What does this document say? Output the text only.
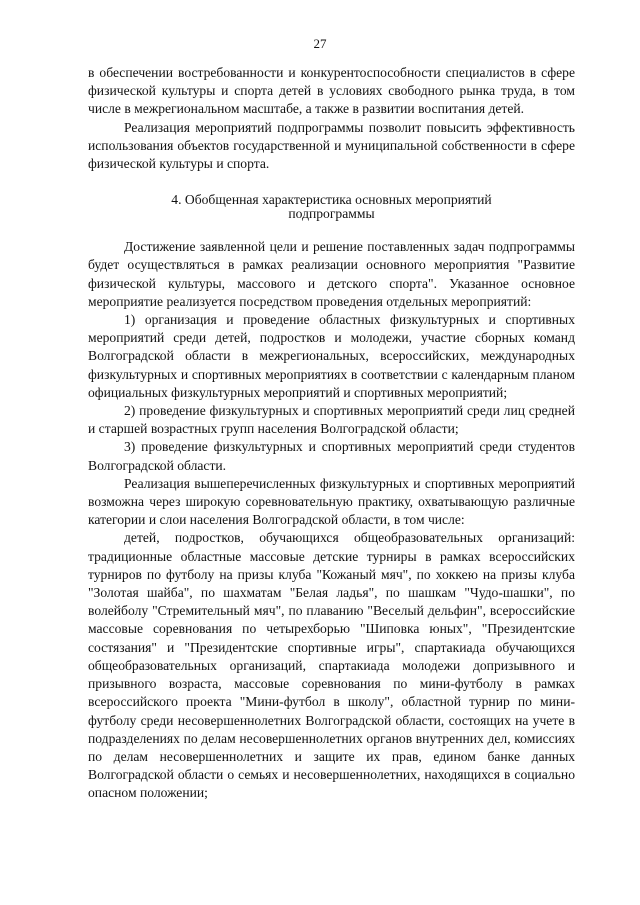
27

в обеспечении востребованности и конкурентоспособности специалистов в сфере физической культуры и спорта детей в условиях свободного рынка труда, в том числе в межрегиональном масштабе, а также в развитии воспитания детей.

Реализация мероприятий подпрограммы позволит повысить эффективность использования объектов государственной и муниципальной собственности в сфере физической культуры и спорта.

4. Обобщенная характеристика основных мероприятий
подпрограммы

Достижение заявленной цели и решение поставленных задач подпрограммы будет осуществляться в рамках реализации основного мероприятия "Развитие физической культуры, массового и детского спорта". Указанное основное мероприятие реализуется посредством проведения отдельных мероприятий:

1) организация и проведение областных физкультурных и спортивных мероприятий среди детей, подростков и молодежи, участие сборных команд Волгоградской области в межрегиональных, всероссийских, международных физкультурных и спортивных мероприятиях в соответствии с календарным планом официальных физкультурных мероприятий и спортивных мероприятий;

2) проведение физкультурных и спортивных мероприятий среди лиц средней и старшей возрастных групп населения Волгоградской области;

3) проведение физкультурных и спортивных мероприятий среди студентов Волгоградской области.

Реализация вышеперечисленных физкультурных и спортивных мероприятий возможна через широкую соревновательную практику, охватывающую различные категории и слои населения Волгоградской области, в том числе:

детей, подростков, обучающихся общеобразовательных организаций: традиционные областные массовые детские турниры в рамках всероссийских турниров по футболу на призы клуба "Кожаный мяч", по хоккею на призы клуба "Золотая шайба", по шахматам "Белая ладья", по шашкам "Чудо-шашки", по волейболу "Стремительный мяч", по плаванию "Веселый дельфин", всероссийские массовые соревнования по четырехборью "Шиповка юных", "Президентские состязания" и "Президентские спортивные игры", спартакиада обучающихся общеобразовательных организаций, спартакиада молодежи допризывного и призывного возраста, массовые соревнования по мини-футболу в рамках всероссийского проекта "Мини-футбол в школу", областной турнир по мини-футболу среди несовершеннолетних Волгоградской области, состоящих на учете в подразделениях по делам несовершеннолетних органов внутренних дел, комиссиях по делам несовершеннолетних и защите их прав, едином банке данных Волгоградской области о семьях и несовершеннолетних, находящихся в социально опасном положении;
